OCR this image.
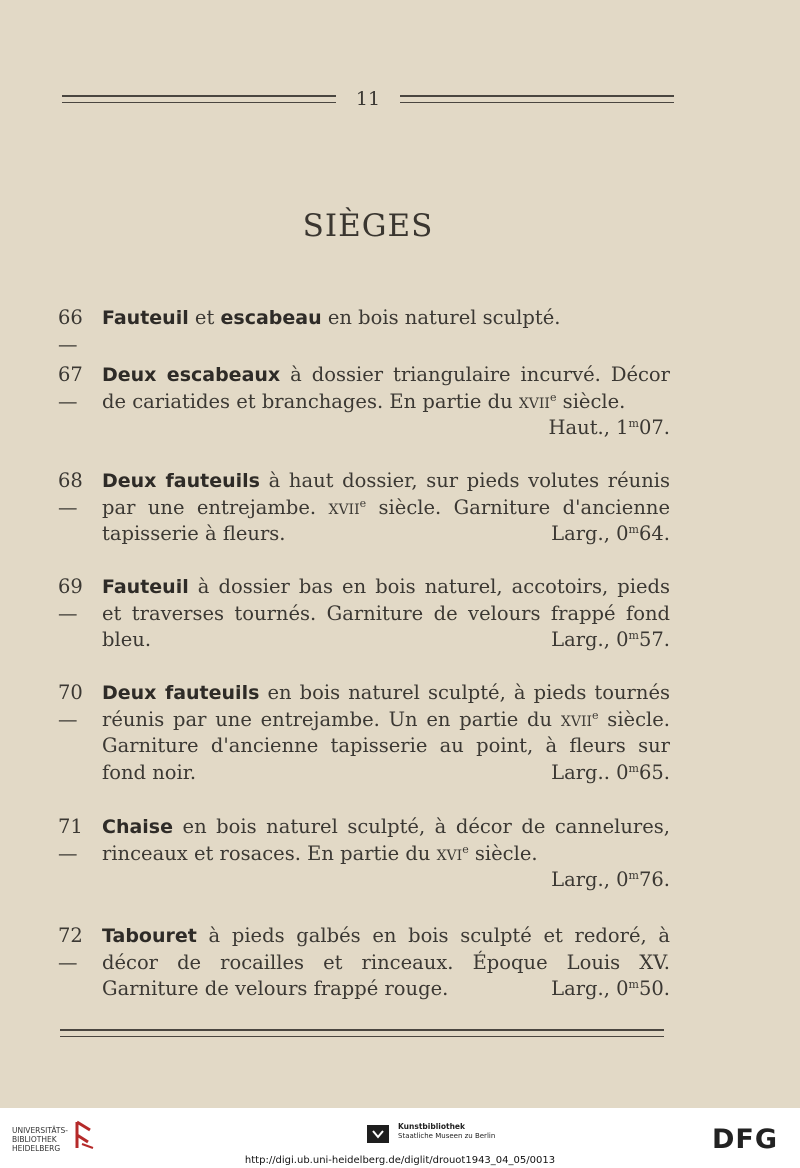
11
SIÈGES
66 —
Fauteuil et escabeau en bois naturel sculpté.
67 —
Deux escabeaux à dossier triangulaire incurvé. Décor de cariatides et branchages. En partie du xvii$^e$ siècle.
Haut., 1$^m$07.
68 —
Deux fauteuils à haut dossier, sur pieds volutes réunis par une entrejambe. xvii$^e$ siècle. Garniture d'ancienne tapisserie à fleurs.	Larg., 0$^m$64.
69 —
Fauteuil à dossier bas en bois naturel, accotoirs, pieds et traverses tournés. Garniture de velours frappé fond bleu.	Larg., 0$^m$57.
70 —
Deux fauteuils en bois naturel sculpté, à pieds tournés réunis par une entrejambe. Un en partie du xvii$^e$ siècle. Garniture d'ancienne tapisserie au point, à fleurs sur fond noir.	Larg.. 0$^m$65.
71 —
Chaise en bois naturel sculpté, à décor de cannelures, rinceaux et rosaces. En partie du xvi$^e$ siècle.
Larg., 0$^m$76.
72 —
Tabouret à pieds galbés en bois sculpté et redoré, à décor de rocailles et rinceaux. Époque Louis XV. Garniture de velours frappé rouge.	Larg., 0$^m$50.
UNIVERSITÄTS-
BIBLIOTHEK
HEIDELBERG
Kunstbibliothek
Staatliche Museen zu Berlin	DFG
http://digi.ub.uni-heidelberg.de/diglit/drouot1943_04_05/0013
